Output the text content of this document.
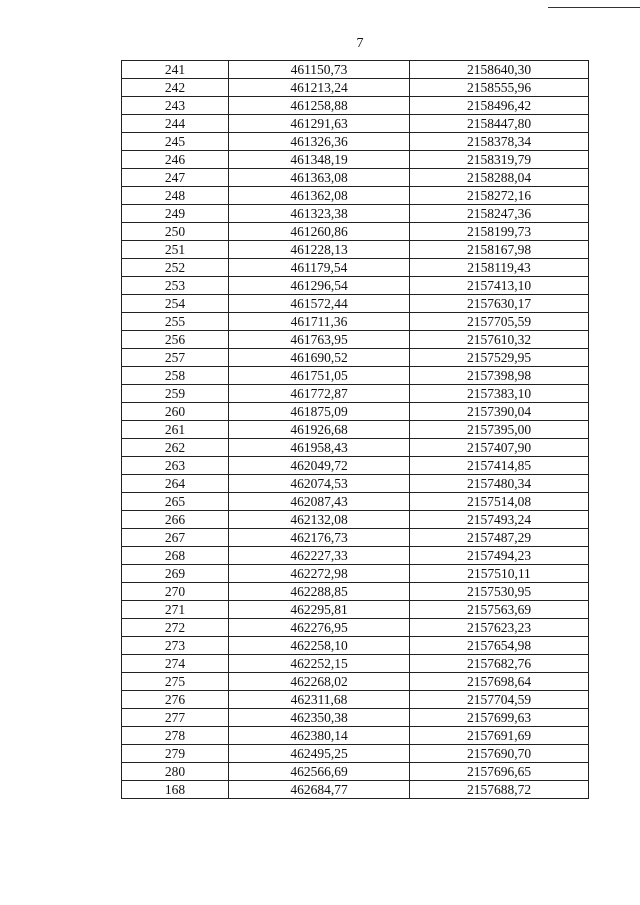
7
241	461150,73	2158640,30
242	461213,24	2158555,96
243	461258,88	2158496,42
244	461291,63	2158447,80
245	461326,36	2158378,34
246	461348,19	2158319,79
247	461363,08	2158288,04
248	461362,08	2158272,16
249	461323,38	2158247,36
250	461260,86	2158199,73
251	461228,13	2158167,98
252	461179,54	2158119,43
253	461296,54	2157413,10
254	461572,44	2157630,17
255	461711,36	2157705,59
256	461763,95	2157610,32
257	461690,52	2157529,95
258	461751,05	2157398,98
259	461772,87	2157383,10
260	461875,09	2157390,04
261	461926,68	2157395,00
262	461958,43	2157407,90
263	462049,72	2157414,85
264	462074,53	2157480,34
265	462087,43	2157514,08
266	462132,08	2157493,24
267	462176,73	2157487,29
268	462227,33	2157494,23
269	462272,98	2157510,11
270	462288,85	2157530,95
271	462295,81	2157563,69
272	462276,95	2157623,23
273	462258,10	2157654,98
274	462252,15	2157682,76
275	462268,02	2157698,64
276	462311,68	2157704,59
277	462350,38	2157699,63
278	462380,14	2157691,69
279	462495,25	2157690,70
280	462566,69	2157696,65
168	462684,77	2157688,72
